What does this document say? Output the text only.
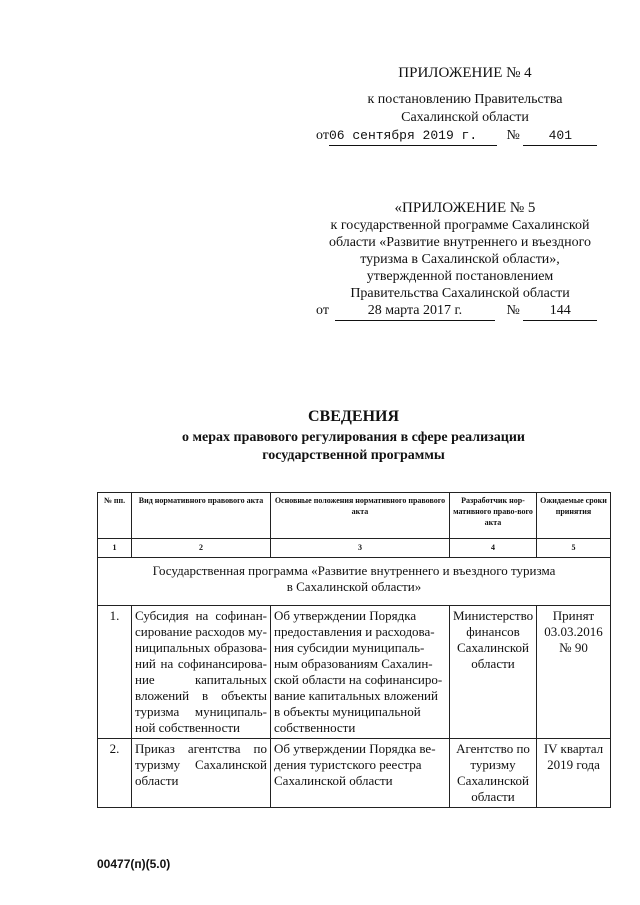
ПРИЛОЖЕНИЕ № 4
к постановлению Правительства
Сахалинской области
от06 сентября 2019 г. № 401
«ПРИЛОЖЕНИЕ № 5
к государственной программе Сахалинской
области «Развитие внутреннего и въездного
туризма в Сахалинской области»,
утвержденной постановлением
Правительства Сахалинской области
от	28 марта 2017 г.	№ 144
СВЕДЕНИЯ
о мерах правового регулирования в сфере реализации
государственной программы
№ пп.	Вид нормативного правового акта	Основные положения нормативного правового акта	Разработчик нор-мативного право-вого акта	Ожидаемые сроки принятия
1	2	3	4	5

Государственная программа «Развитие внутреннего и въездного туризма
в Сахалинской области»				

1.	Субсидия на софинан-сирование расходов му-ниципальных образова-ний на софинансирова-ние капитальных вложений в объекты туризма муниципаль-ной собственности	Об утверждении Порядка предоставления и расходова-ния субсидии муниципаль-ным образованиям Сахалин-ской области на софинансиро-вание капитальных вложений в объекты муниципальной собственности	Министерство финансов Сахалинской области	Принят 03.03.2016 № 90
2.	Приказ агентства по туризму Сахалинской области	Об утверждении Порядка ве-дения туристского реестра Сахалинской области	Агентство по туризму Сахалинской области	IV квартал 2019 года
00477(п)(5.0)
